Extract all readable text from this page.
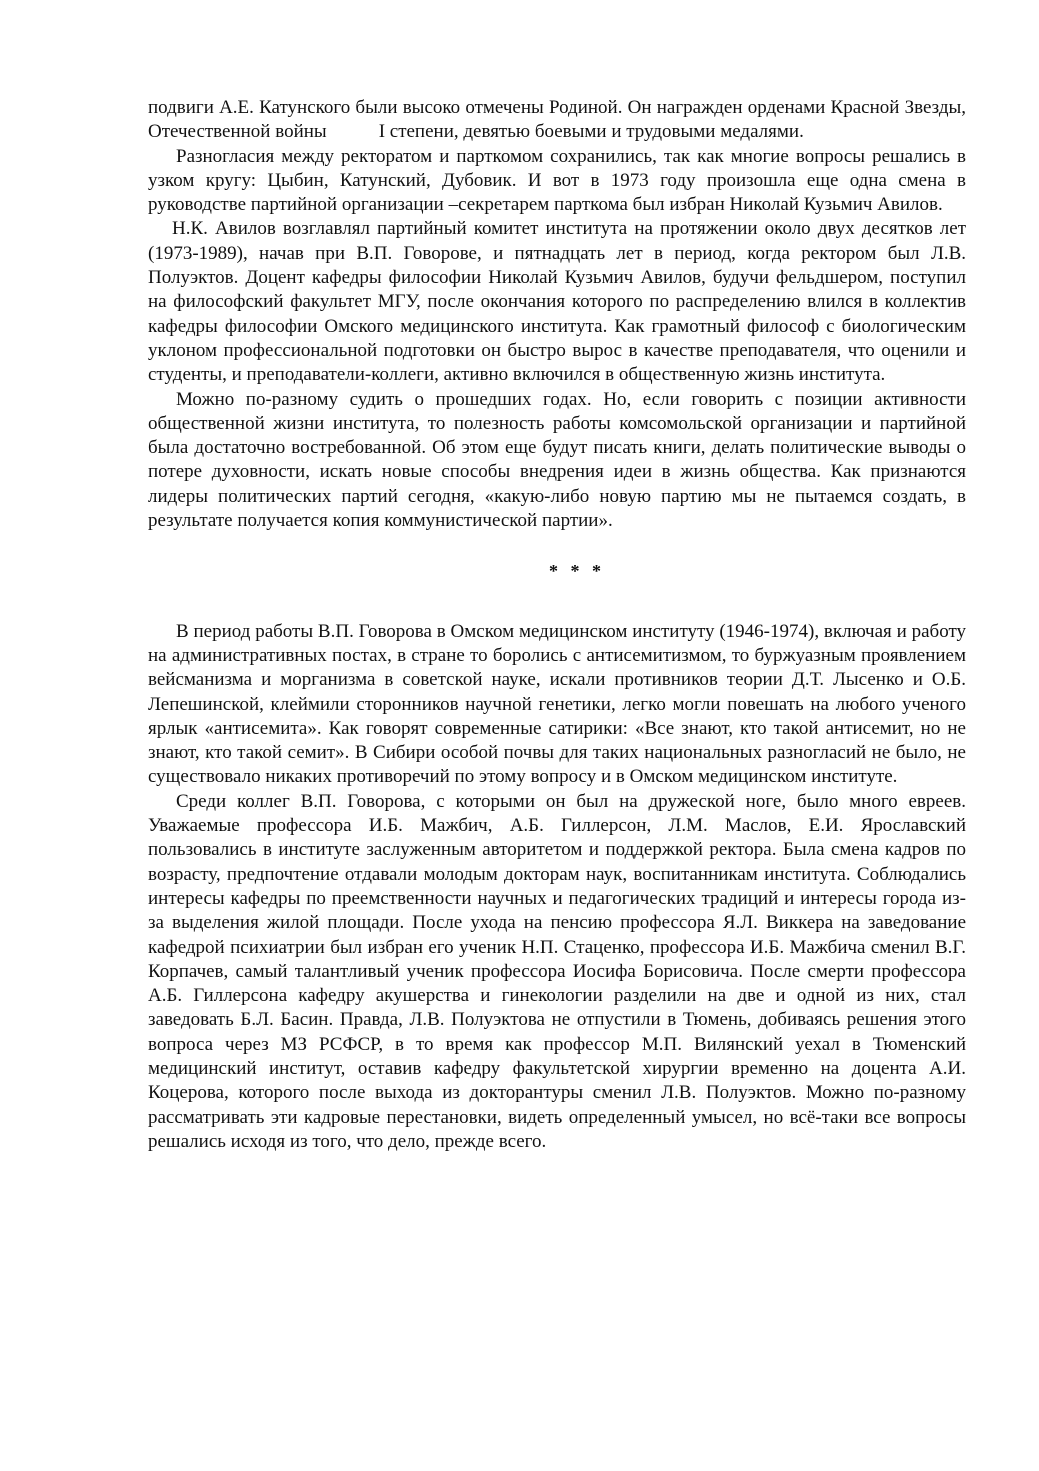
подвиги А.Е. Катунского были высоко отмечены Родиной. Он награжден орденами Красной Звезды, Отечественной войны	I степени, девятью боевыми и трудовыми медалями.

Разногласия между ректоратом и парткомом сохранились, так как многие вопросы решались в узком кругу: Цыбин, Катунский, Дубовик. И вот в 1973 году произошла еще одна смена в руководстве партийной организации –секретарем парткома был избран Николай Кузьмич Авилов.

Н.К. Авилов возглавлял партийный комитет института на протяжении около двух десятков лет (1973-1989), начав при В.П. Говорове, и пятнадцать лет в период, когда ректором был Л.В. Полуэктов. Доцент кафедры философии Николай Кузьмич Авилов, будучи фельдшером, поступил на философский факультет МГУ, после окончания которого по распределению влился в коллектив кафедры философии Омского медицинского института. Как грамотный философ с биологическим уклоном профессиональной подготовки он быстро вырос в качестве преподавателя, что оценили и студенты, и преподаватели-коллеги, активно включился в общественную жизнь института.

Можно по-разному судить о прошедших годах. Но, если говорить с позиции активности общественной жизни института, то полезность работы комсомольской организации и партийной была достаточно востребованной. Об этом еще будут писать книги, делать политические выводы о потере духовности, искать новые способы внедрения идеи в жизнь общества. Как признаются лидеры политических партий сегодня, «какую-либо новую партию мы не пытаемся создать, в результате получается копия коммунистической партии».

* * *

В период работы В.П. Говорова в Омском медицинском институту (1946-1974), включая и работу на административных постах, в стране то боролись с антисемитизмом, то буржуазным проявлением вейсманизма и морганизма в советской науке, искали противников теории Д.Т. Лысенко и О.Б. Лепешинской, клеймили сторонников научной генетики, легко могли повешать на любого ученого ярлык «антисемита». Как говорят современные сатирики: «Все знают, кто такой антисемит, но не знают, кто такой семит». В Сибири особой почвы для таких национальных разногласий не было, не существовало никаких противоречий по этому вопросу и в Омском медицинском институте.

Среди коллег В.П. Говорова, с которыми он был на дружеской ноге, было много евреев. Уважаемые профессора И.Б. Мажбич, А.Б. Гиллерсон, Л.М. Маслов, Е.И. Ярославский пользовались в институте заслуженным авторитетом и поддержкой ректора. Была смена кадров по возрасту, предпочтение отдавали молодым докторам наук, воспитанникам института. Соблюдались интересы кафедры по преемственности научных и педагогических традиций и интересы города из-за выделения жилой площади. После ухода на пенсию профессора Я.Л. Виккера на заведование кафедрой психиатрии был избран его ученик Н.П. Стаценко, профессора И.Б. Мажбича сменил В.Г. Корпачев, самый талантливый ученик профессора Иосифа Борисовича. После смерти профессора А.Б. Гиллерсона кафедру акушерства и гинекологии разделили на две и одной из них, стал заведовать Б.Л. Басин. Правда, Л.В. Полуэктова не отпустили в Тюмень, добиваясь решения этого вопроса через МЗ РСФСР, в то время как профессор М.П. Вилянский уехал в Тюменский медицинский институт, оставив кафедру факультетской хирургии временно на доцента А.И. Коцерова, которого после выхода из докторантуры сменил Л.В. Полуэктов. Можно по-разному рассматривать эти кадровые перестановки, видеть определенный умысел, но всё-таки все вопросы решались исходя из того, что дело, прежде всего.
